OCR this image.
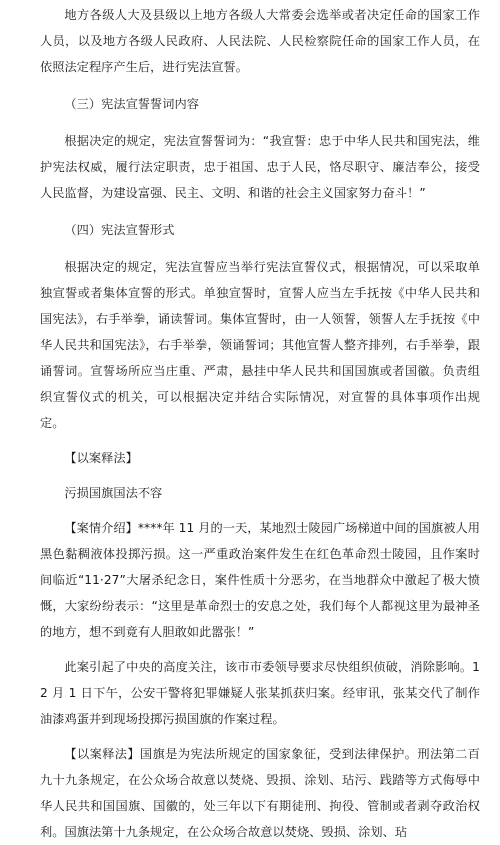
地方各级人大及县级以上地方各级人大常委会选举或者决定任命的国家工作人员，以及地方各级人民政府、人民法院、人民检察院任命的国家工作人员，在依照法定程序产生后，进行宪法宣誓。

（三）宪法宣誓誓词内容

根据决定的规定，宪法宣誓誓词为：“我宣誓：忠于中华人民共和国宪法，维护宪法权威，履行法定职责，忠于祖国、忠于人民，恪尽职守、廉洁奉公，接受人民监督，为建设富强、民主、文明、和谐的社会主义国家努力奋斗！”

（四）宪法宣誓形式

根据决定的规定，宪法宣誓应当举行宪法宣誓仪式，根据情况，可以采取单独宣誓或者集体宣誓的形式。单独宣誓时，宣誓人应当左手抚按《中华人民共和国宪法》，右手举拳，诵读誓词。集体宣誓时，由一人领誓，领誓人左手抚按《中华人民共和国宪法》，右手举拳，领诵誓词；其他宣誓人整齐排列，右手举拳，跟诵誓词。宣誓场所应当庄重、严肃，悬挂中华人民共和国国旗或者国徽。负责组织宣誓仪式的机关，可以根据决定并结合实际情况，对宣誓的具体事项作出规定。

【以案释法】

污损国旗国法不容

【案情介绍】****年 11 月的一天，某地烈士陵园广场梯道中间的国旗被人用黑色黏稠液体投掷污损。这一严重政治案件发生在红色革命烈士陵园，且作案时间临近“11·27”大屠杀纪念日，案件性质十分恶劣，在当地群众中激起了极大愤慨，大家纷纷表示：“这里是革命烈士的安息之处，我们每个人都视这里为最神圣的地方，想不到竟有人胆敢如此嚣张！”

此案引起了中央的高度关注，该市市委领导要求尽快组织侦破，消除影响。12 月 1 日下午，公安干警将犯罪嫌疑人张某抓获归案。经审讯，张某交代了制作油漆鸡蛋并到现场投掷污损国旗的作案过程。

【以案释法】国旗是为宪法所规定的国家象征，受到法律保护。刑法第二百九十九条规定，在公众场合故意以焚烧、毁损、涂划、玷污、践踏等方式侮辱中华人民共和国国旗、国徽的，处三年以下有期徒刑、拘役、管制或者剥夺政治权利。国旗法第十九条规定，在公众场合故意以焚烧、毁损、涂划、玷
